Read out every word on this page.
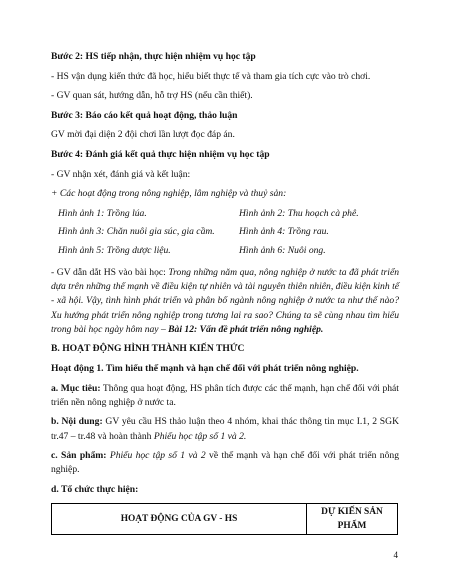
Bước 2: HS tiếp nhận, thực hiện nhiệm vụ học tập

- HS vận dụng kiến thức đã học, hiểu biết thực tế và tham gia tích cực vào trò chơi.

- GV quan sát, hướng dẫn, hỗ trợ HS (nếu cần thiết).

Bước 3: Báo cáo kết quả hoạt động, thảo luận

GV mời đại diện 2 đội chơi lần lượt đọc đáp án.

Bước 4: Đánh giá kết quả thực hiện nhiệm vụ học tập

- GV nhận xét, đánh giá và kết luận:

+ Các hoạt động trong nông nghiệp, lâm nghiệp và thuỷ sản:

Hình ảnh 1: Trồng lúa.	Hình ảnh 2: Thu hoạch cà phê.
Hình ảnh 3: Chăn nuôi gia súc, gia cầm.	Hình ảnh 4: Trồng rau.
Hình ảnh 5: Trồng dược liệu.	Hình ảnh 6: Nuôi ong.

- GV dẫn dắt HS vào bài học: Trong những năm qua, nông nghiệp ở nước ta đã phát triển dựa trên những thế mạnh về điều kiện tự nhiên và tài nguyên thiên nhiên, điều kiện kinh tế - xã hội. Vậy, tình hình phát triển và phân bố ngành nông nghiệp ở nước ta như thế nào? Xu hướng phát triển nông nghiệp trong tương lai ra sao? Chúng ta sẽ cùng nhau tìm hiểu trong bài học ngày hôm nay – Bài 12: Vấn đề phát triển nông nghiệp.

B. HOẠT ĐỘNG HÌNH THÀNH KIẾN THỨC

Hoạt động 1. Tìm hiểu thế mạnh và hạn chế đối với phát triển nông nghiệp.

a. Mục tiêu: Thông qua hoạt động, HS phân tích được các thế mạnh, hạn chế đối với phát triển nền nông nghiệp ở nước ta.

b. Nội dung: GV yêu cầu HS thảo luận theo 4 nhóm, khai thác thông tin mục I.1, 2 SGK tr.47 – tr.48 và hoàn thành Phiếu học tập số 1 và 2.

c. Sản phẩm: Phiếu học tập số 1 và 2 về thế mạnh và hạn chế đối với phát triển nông nghiệp.

d. Tổ chức thực hiện:

HOẠT ĐỘNG CỦA GV - HS	DỰ KIẾN SẢN PHẨM
4
